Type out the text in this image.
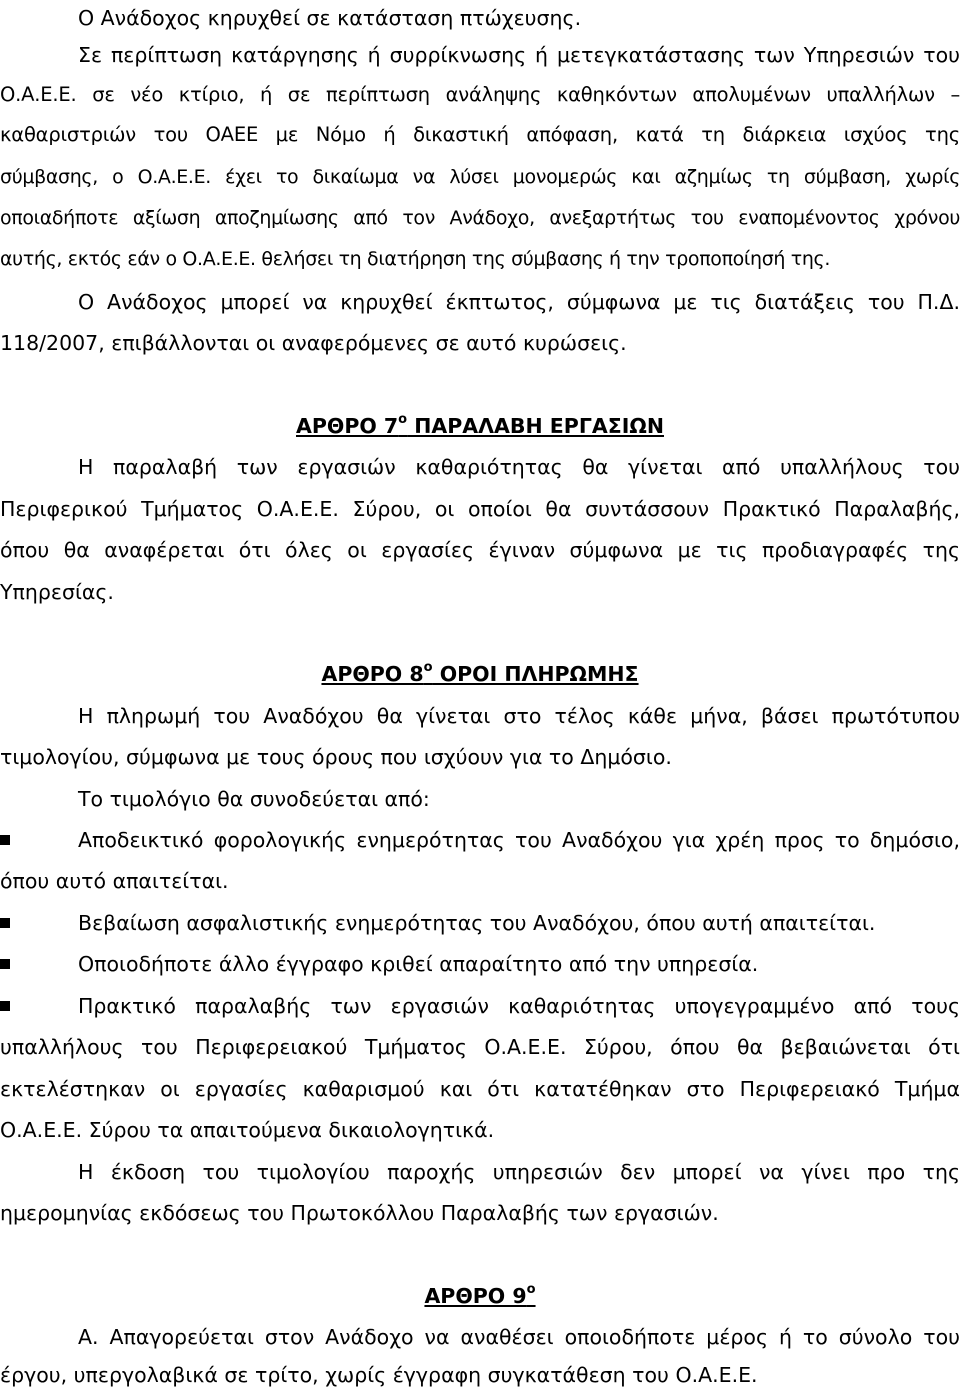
Ο Ανάδοχος κηρυχθεί σε κατάσταση πτώχευσης.
Σε περίπτωση κατάργησης ή συρρίκνωσης ή μετεγκατάστασης των Υπηρεσιών του
Ο.Α.Ε.Ε. σε νέο κτίριο, ή σε περίπτωση ανάληψης καθηκόντων απολυμένων υπαλλήλων –
καθαριστριών του ΟΑΕΕ με Νόμο ή δικαστική απόφαση, κατά τη διάρκεια ισχύος της
σύμβασης, ο Ο.Α.Ε.Ε. έχει το δικαίωμα να λύσει μονομερώς και αζημίως τη σύμβαση, χωρίς
οποιαδήποτε αξίωση αποζημίωσης από τον Ανάδοχο, ανεξαρτήτως του εναπομένοντος χρόνου
αυτής, εκτός εάν ο Ο.Α.Ε.Ε. θελήσει τη διατήρηση της σύμβασης ή την τροποποίησή της.
Ο Ανάδοχος μπορεί να κηρυχθεί έκπτωτος, σύμφωνα με τις διατάξεις του Π.Δ.
118/2007, επιβάλλονται οι αναφερόμενες σε αυτό κυρώσεις.
ΑΡΘΡΟ $7^o$ ΠΑΡΑΛΑΒΗ ΕΡΓΑΣΙΩΝ
Η παραλαβή των εργασιών καθαριότητας θα γίνεται από υπαλλήλους του
Περιφερικού Τμήματος Ο.Α.Ε.Ε. Σύρου, οι οποίοι θα συντάσσουν Πρακτικό Παραλαβής,
όπου θα αναφέρεται ότι όλες οι εργασίες έγιναν σύμφωνα με τις προδιαγραφές της
Υπηρεσίας.
ΑΡΘΡΟ $8^o$ ΟΡΟΙ ΠΛΗΡΩΜΗΣ
Η πληρωμή του Αναδόχου θα γίνεται στο τέλος κάθε μήνα, βάσει πρωτότυπου
τιμολογίου, σύμφωνα με τους όρους που ισχύουν για το Δημόσιο.
Το τιμολόγιο θα συνοδεύεται από:
Αποδεικτικό φορολογικής ενημερότητας του Αναδόχου για χρέη προς το δημόσιο,
όπου αυτό απαιτείται.
Βεβαίωση ασφαλιστικής ενημερότητας του Αναδόχου, όπου αυτή απαιτείται.
Οποιοδήποτε άλλο έγγραφο κριθεί απαραίτητο από την υπηρεσία.
Πρακτικό παραλαβής των εργασιών καθαριότητας υπογεγραμμένο από τους
υπαλλήλους του Περιφερειακού Τμήματος Ο.Α.Ε.Ε. Σύρου, όπου θα βεβαιώνεται ότι
εκτελέστηκαν οι εργασίες καθαρισμού και ότι κατατέθηκαν στο Περιφερειακό Τμήμα
Ο.Α.Ε.Ε. Σύρου τα απαιτούμενα δικαιολογητικά.
Η έκδοση του τιμολογίου παροχής υπηρεσιών δεν μπορεί να γίνει προ της
ημερομηνίας εκδόσεως του Πρωτοκόλλου Παραλαβής των εργασιών.
ΑΡΘΡΟ $9^o$
Α. Απαγορεύεται στον Ανάδοχο να αναθέσει οποιοδήποτε μέρος ή το σύνολο του
έργου, υπεργολαβικά σε τρίτο, χωρίς έγγραφη συγκατάθεση του Ο.Α.Ε.Ε.
